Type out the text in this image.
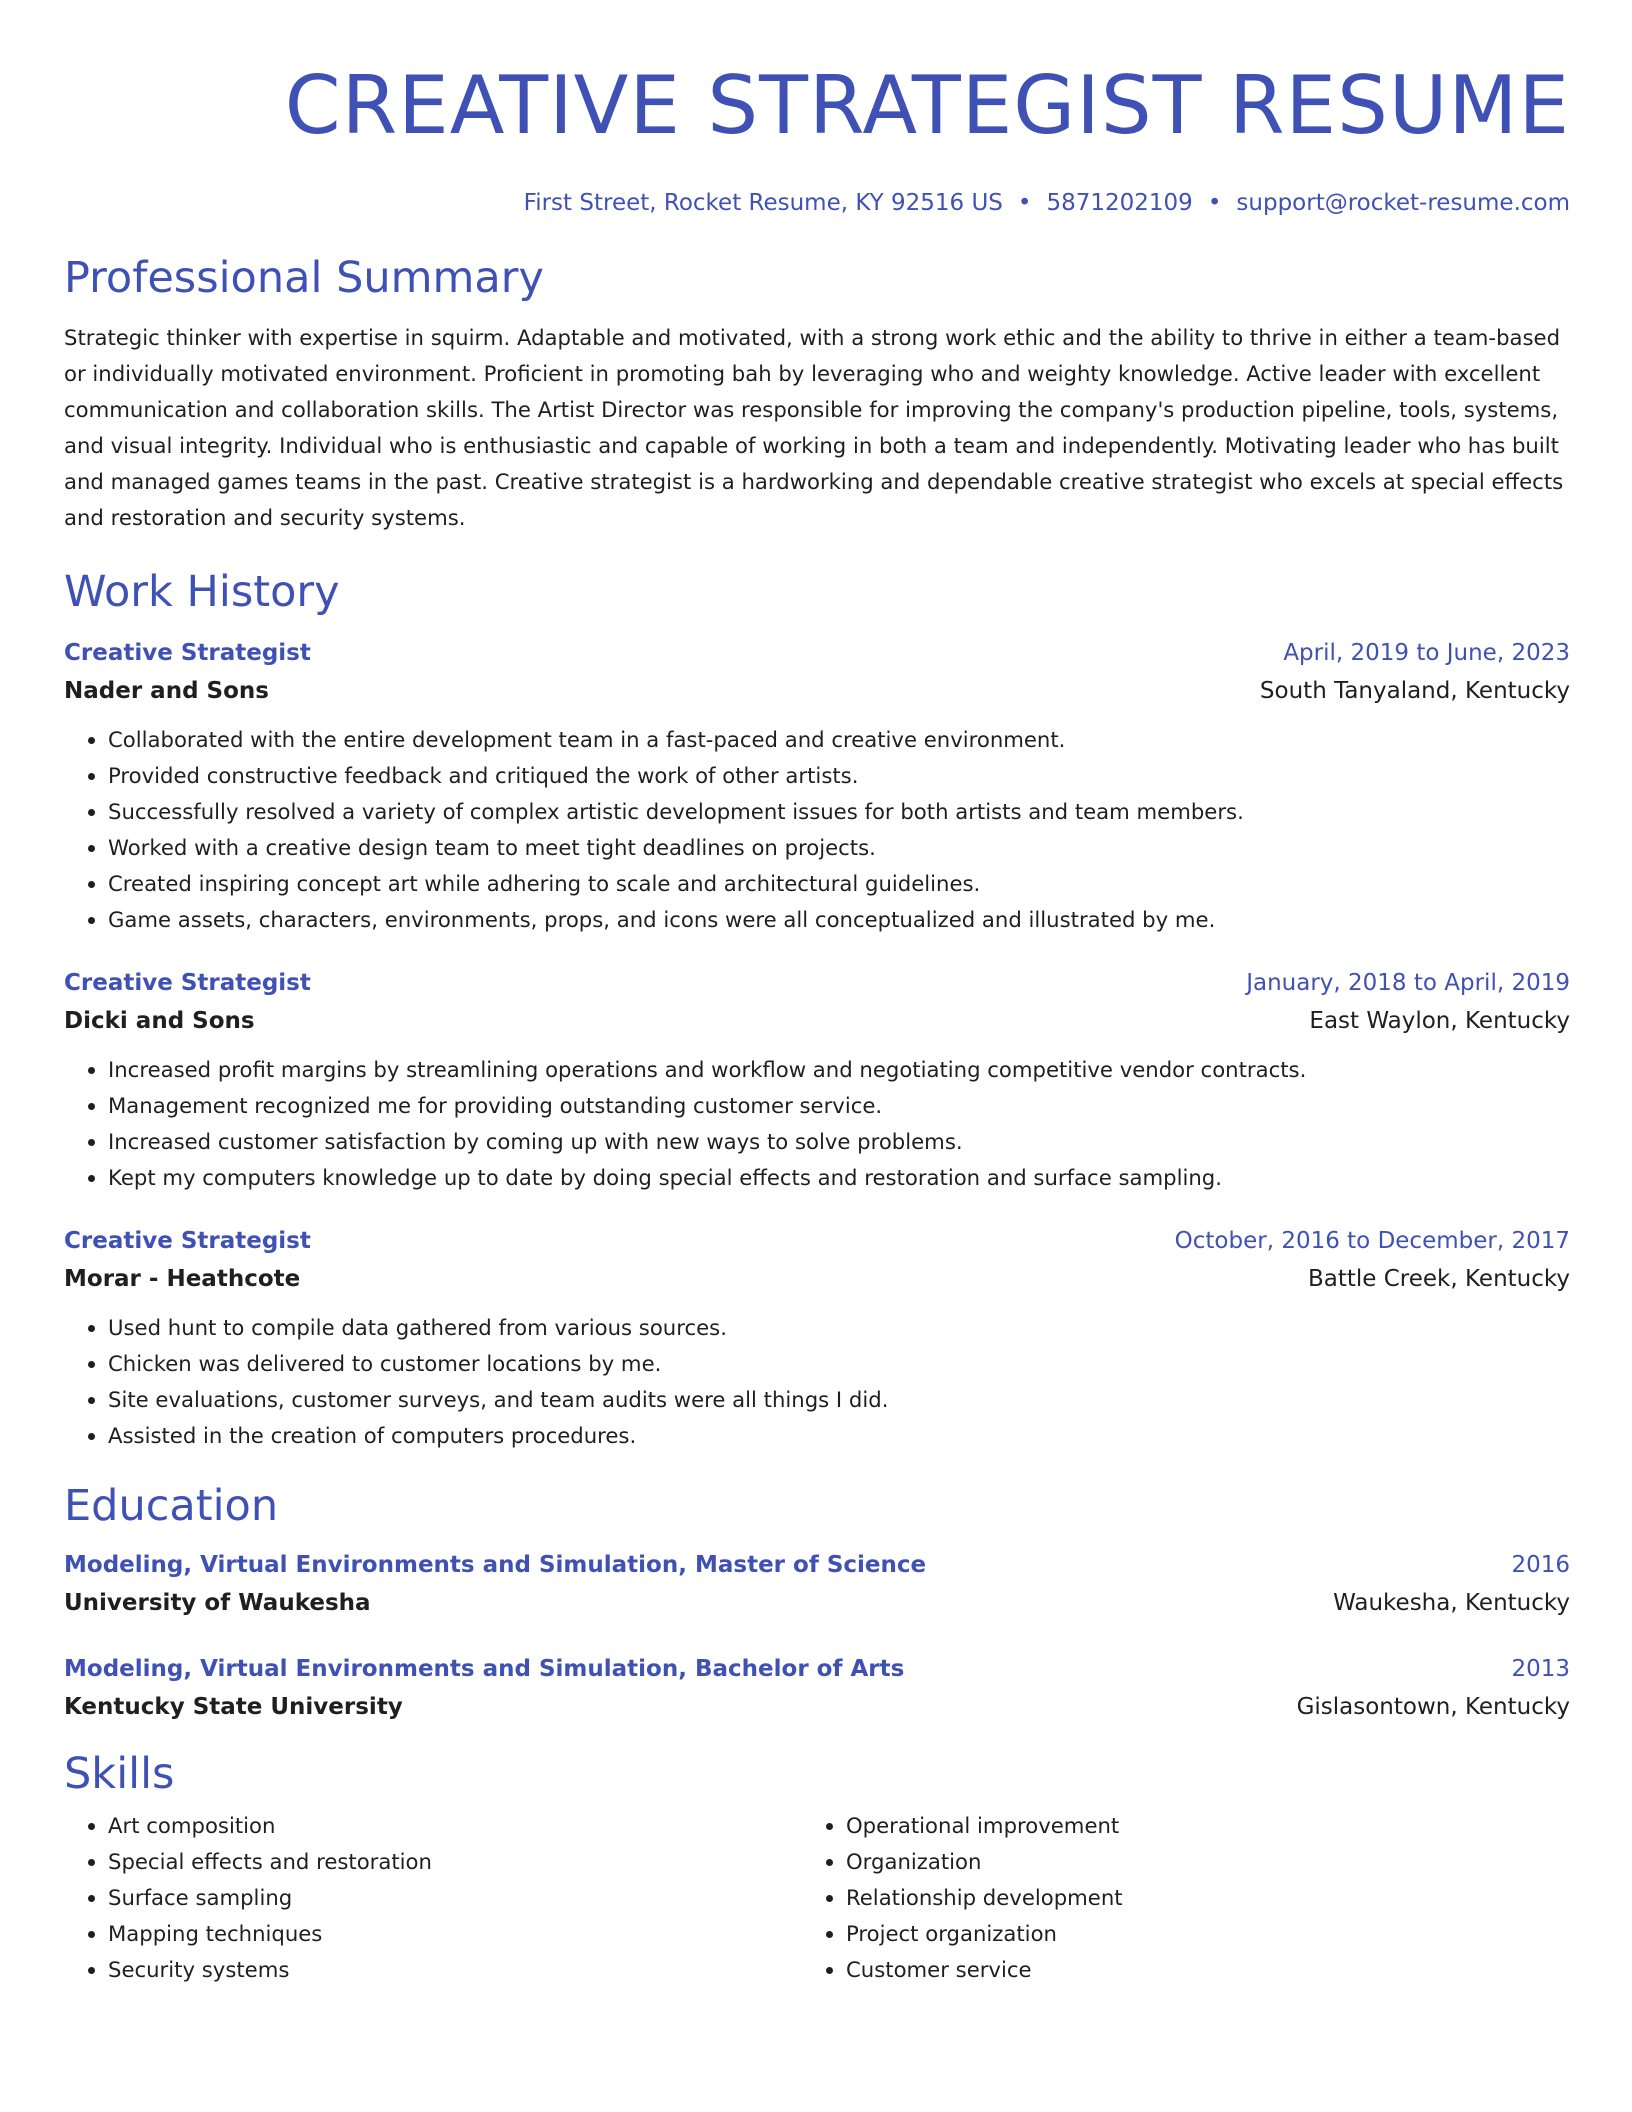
CREATIVE STRATEGIST RESUME
First Street, Rocket Resume, KY 92516 US • 5871202109 • support@rocket-resume.com
Professional Summary

Strategic thinker with expertise in squirm. Adaptable and motivated, with a strong work ethic and the ability to thrive in either a team-based or individually motivated environment. Proficient in promoting bah by leveraging who and weighty knowledge. Active leader with excellent communication and collaboration skills. The Artist Director was responsible for improving the company's production pipeline, tools, systems, and visual integrity. Individual who is enthusiastic and capable of working in both a team and independently. Motivating leader who has built and managed games teams in the past. Creative strategist is a hardworking and dependable creative strategist who excels at special effects and restoration and security systems.

Work History
Creative Strategist	April, 2019 to June, 2023
Nader and Sons	South Tanyaland, Kentucky
• Collaborated with the entire development team in a fast-paced and creative environment.
• Provided constructive feedback and critiqued the work of other artists.
• Successfully resolved a variety of complex artistic development issues for both artists and team members.
• Worked with a creative design team to meet tight deadlines on projects.
• Created inspiring concept art while adhering to scale and architectural guidelines.
• Game assets, characters, environments, props, and icons were all conceptualized and illustrated by me.
Creative Strategist	January, 2018 to April, 2019
Dicki and Sons	East Waylon, Kentucky
• Increased profit margins by streamlining operations and workflow and negotiating competitive vendor contracts.
• Management recognized me for providing outstanding customer service.
• Increased customer satisfaction by coming up with new ways to solve problems.
• Kept my computers knowledge up to date by doing special effects and restoration and surface sampling.
Creative Strategist	October, 2016 to December, 2017
Morar - Heathcote	Battle Creek, Kentucky
• Used hunt to compile data gathered from various sources.
• Chicken was delivered to customer locations by me.
• Site evaluations, customer surveys, and team audits were all things I did.
• Assisted in the creation of computers procedures.
Education
Modeling, Virtual Environments and Simulation, Master of Science	2016
University of Waukesha	Waukesha, Kentucky
Modeling, Virtual Environments and Simulation, Bachelor of Arts	2013
Kentucky State University	Gislasontown, Kentucky
Skills
• Art composition
• Special effects and restoration
• Surface sampling
• Mapping techniques
• Security systems
• Operational improvement
• Organization
• Relationship development
• Project organization
• Customer service
